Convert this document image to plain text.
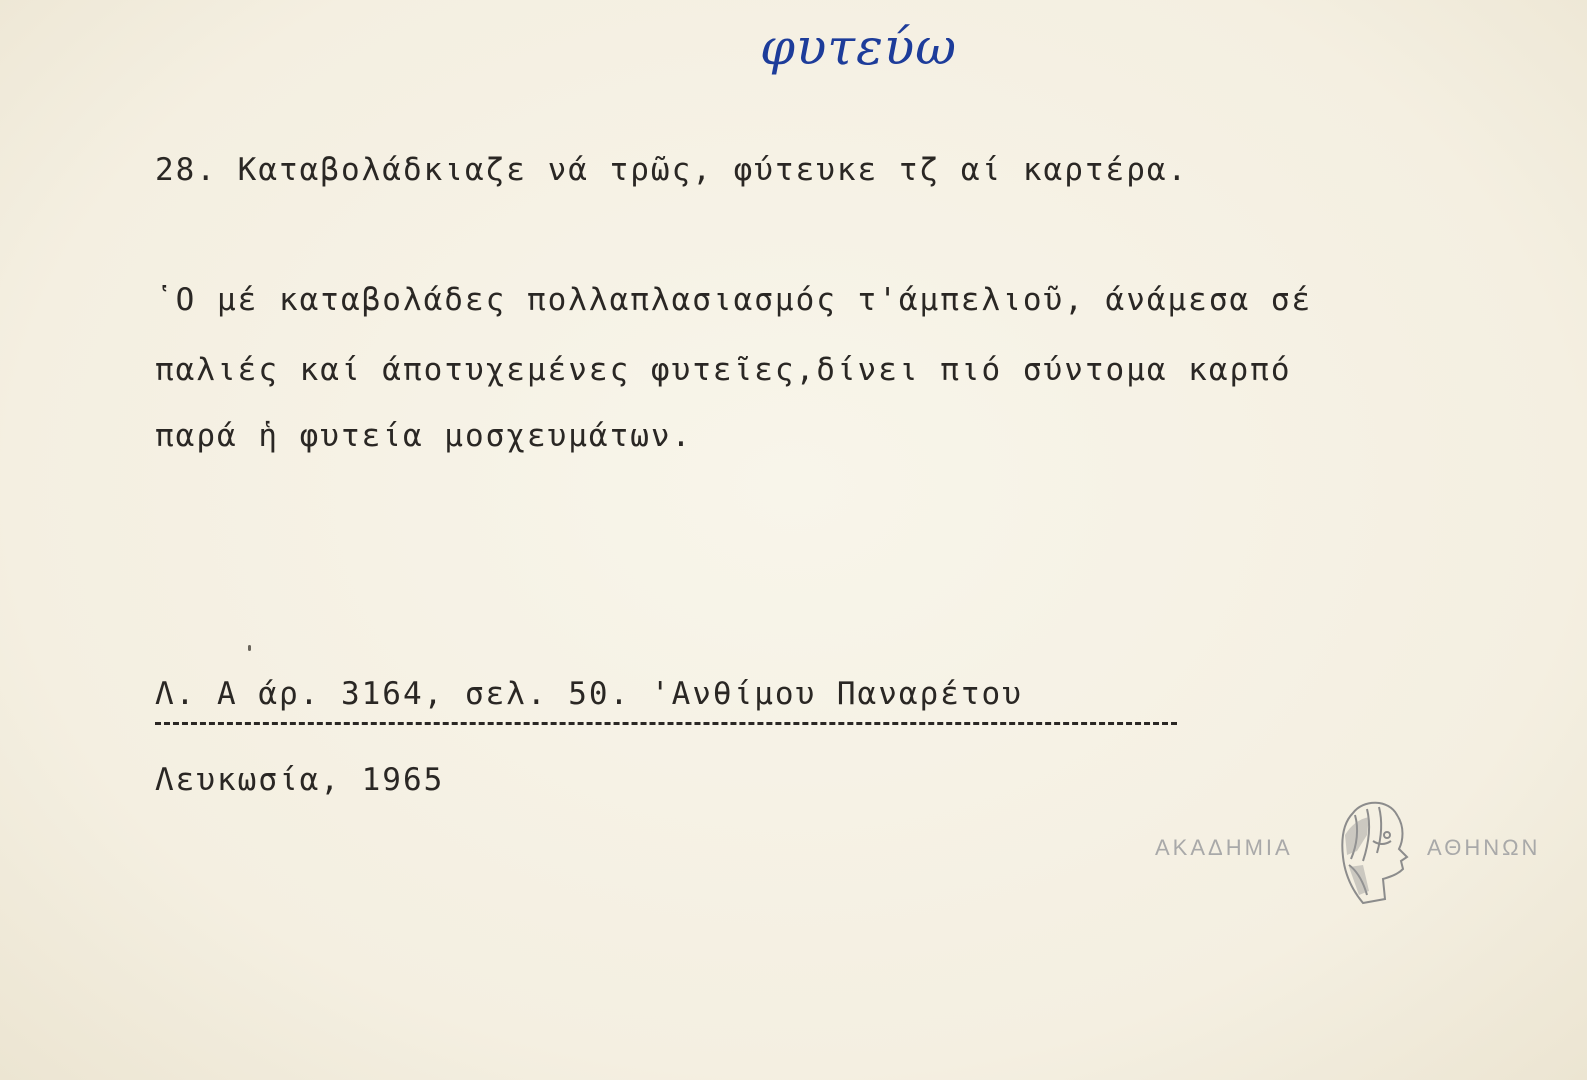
φυτεύω
28. Καταβολάδκιαζε νά τρῶς, φύτευκε τζ αί καρτέρα.
῾Ο μέ καταβολάδες πολλαπλασιασμός τ'άμπελιοῦ, άνάμεσα σέ
παλιές καί άποτυχεμένες φυτεῖες,δίνει πιό σύντομα καρπό
παρά ἡ φυτεία μοσχευμάτων.
Λ. Α άρ. 3164, σελ. 50. 'Ανθίμου Παναρέτου
Λευκωσία, 1965
ΑΚΑΔΗΜΙΑ	ΑΘΗΝΩΝ
